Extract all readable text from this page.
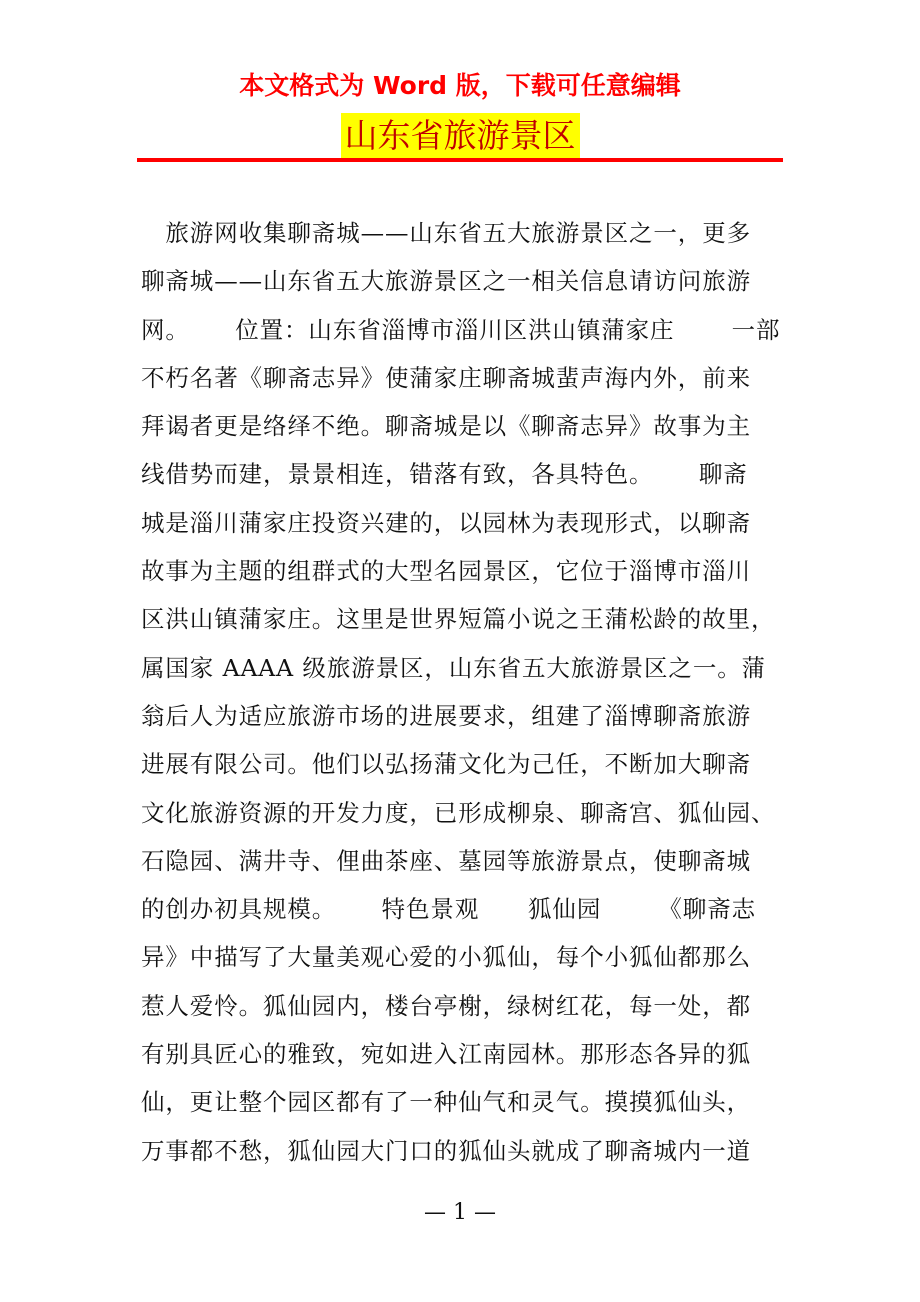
本文格式为 Word 版，下载可任意编辑
山东省旅游景区
　旅游网收集聊斋城——山东省五大旅游景区之一，更多
聊斋城——山东省五大旅游景区之一相关信息请访问旅游
网。　　 位置：山东省淄博市淄川区洪山镇蒲家庄　　 一部
不朽名著《聊斋志异》使蒲家庄聊斋城蜚声海内外，前来
拜谒者更是络绎不绝。聊斋城是以《聊斋志异》故事为主
线借势而建，景景相连，错落有致，各具特色。　　 聊斋
城是淄川蒲家庄投资兴建的，以园林为表现形式，以聊斋
故事为主题的组群式的大型名园景区，它位于淄博市淄川
区洪山镇蒲家庄。这里是世界短篇小说之王蒲松龄的故里，
属国家 AAAA 级旅游景区，山东省五大旅游景区之一。蒲
翁后人为适应旅游市场的进展要求，组建了淄博聊斋旅游
进展有限公司。他们以弘扬蒲文化为己任，不断加大聊斋
文化旅游资源的开发力度，已形成柳泉、聊斋宫、狐仙园、
石隐园、满井寺、俚曲茶座、墓园等旅游景点，使聊斋城
的创办初具规模。　　 特色景观　　狐仙园　　 《聊斋志
异》中描写了大量美观心爱的小狐仙，每个小狐仙都那么
惹人爱怜。狐仙园内，楼台亭榭，绿树红花，每一处，都
有别具匠心的雅致，宛如进入江南园林。那形态各异的狐
仙，更让整个园区都有了一种仙气和灵气。摸摸狐仙头，
万事都不愁，狐仙园大门口的狐仙头就成了聊斋城内一道
— 1 —
